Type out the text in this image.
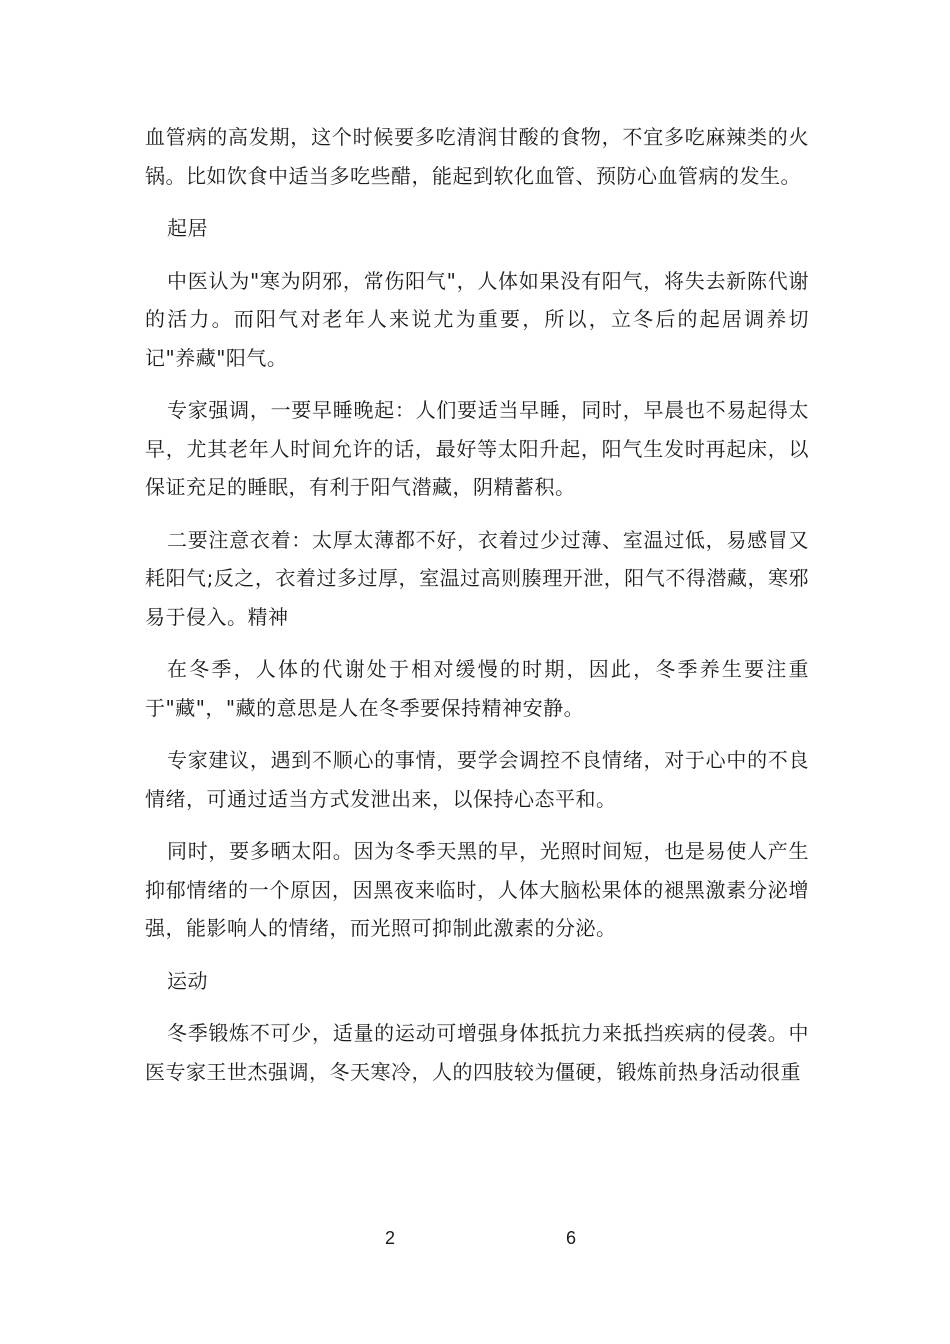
血管病的高发期，这个时候要多吃清润甘酸的食物，不宜多吃麻辣类的火锅。比如饮食中适当多吃些醋，能起到软化血管、预防心血管病的发生。

起居

中医认为"寒为阴邪，常伤阳气"，人体如果没有阳气，将失去新陈代谢的活力。而阳气对老年人来说尤为重要，所以，立冬后的起居调养切记"养藏"阳气。

专家强调，一要早睡晚起：人们要适当早睡，同时，早晨也不易起得太早，尤其老年人时间允许的话，最好等太阳升起，阳气生发时再起床，以保证充足的睡眠，有利于阳气潜藏，阴精蓄积。

二要注意衣着：太厚太薄都不好，衣着过少过薄、室温过低，易感冒又耗阳气;反之，衣着过多过厚，室温过高则腠理开泄，阳气不得潜藏，寒邪易于侵入。精神

在冬季，人体的代谢处于相对缓慢的时期，因此，冬季养生要注重于"藏"，"藏的意思是人在冬季要保持精神安静。

专家建议，遇到不顺心的事情，要学会调控不良情绪，对于心中的不良情绪，可通过适当方式发泄出来，以保持心态平和。

同时，要多晒太阳。因为冬季天黑的早，光照时间短，也是易使人产生抑郁情绪的一个原因，因黑夜来临时，人体大脑松果体的褪黑激素分泌增强，能影响人的情绪，而光照可抑制此激素的分泌。

运动

冬季锻炼不可少，适量的运动可增强身体抵抗力来抵挡疾病的侵袭。中医专家王世杰强调，冬天寒冷，人的四肢较为僵硬，锻炼前热身活动很重

2	6
